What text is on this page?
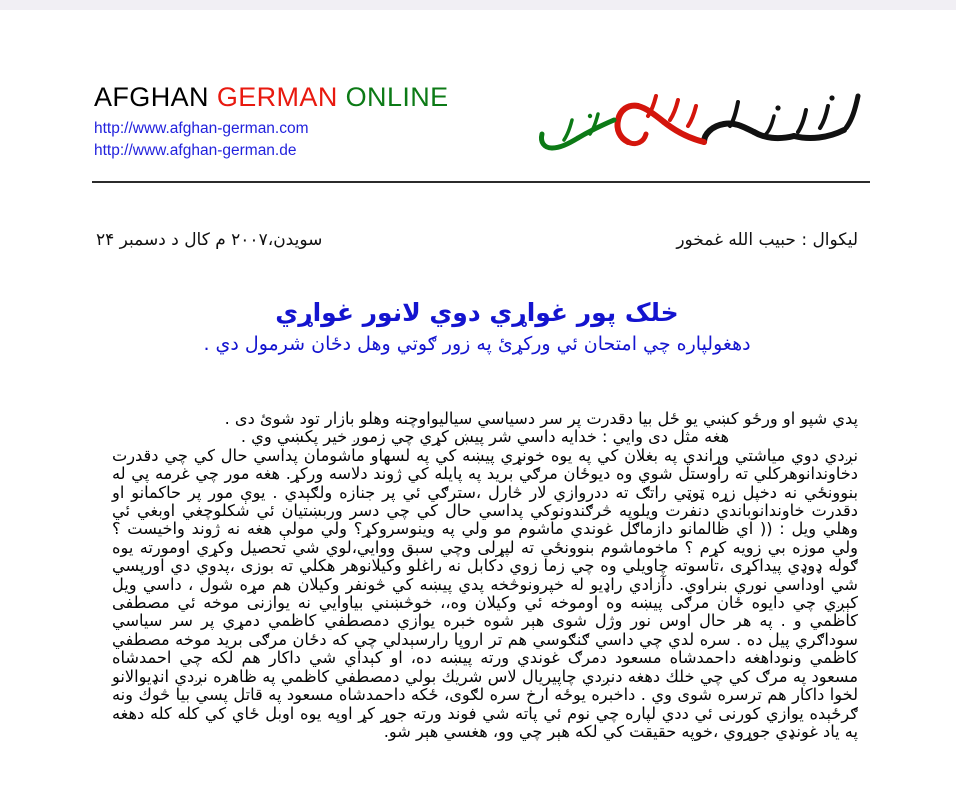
AFGHAN GERMAN ONLINE
http://www.afghan-german.com
http://www.afghan-german.de
لیکوال : حبیب الله غمخور
سویدن،۲۰۰۷ م کال د دسمبر ۲۴
خلک پور غواړي دوي لانور غواړي
دهغولپاره چي امتحان ئي وركړئ په زور ګوتي وهل دځان شرمول دي .

پدي شپو او ورځو كښي يو ځل بيا دقدرت پر سر دسياسي سياليواوچنه وهلو بازار تود شوئ دى .

هغه مثل دى وايي : خدايه داسي شر پيښ كړي چي زموږ خير پكښي وي .

نږدي دوي مياشتي وړاندي په بغلان كي په يوه خونړي پيښه كي په لسهاو ماشومان پداسي حال كي چي دقدرت دخاوندانوهركلي ته راوستل شوي وه ديوځان مرګي بريد په پايله كي ژوند دلاسه وركړ. هغه مور چي غرمه پي له بنوونځي نه دخپل زړه ټوټي راتګ ته ددروازي لار څارل ،سترګي ئي پر جنازه ولګېدي . يوې مور پر حاكمانو او دقدرت خاوندانوباندي دنفرت ويلوپه څرګندونوكي پداسي حال كي چي دسر وربښتيان ئي شكلوچغي اوبغي ئي وهلي ويل : (( اي ظالمانو دازماګل غوندي ماشوم مو ولي په وينوسروكړ؟ ولي مولې هغه نه ژوند واخيست ؟ ولي موزه بي زويه كړم ؟ ماخوماشوم بنوونځي ته لپړلى وچي سبق ووايي،لوي شي تحصيل وكړي اومورته يوه ګوله ډوډي پيداكړى ،تاسوته چاويلي وه چي زما زوي دكابل نه راغلو وكيلانوهر هكلي ته بوزى ،پدوي دي اورپسي شي اوداسي نوري بنراوي. دآزادي راډيو له خپرونوڅخه پدي پيښه كي څونفر وكيلان هم مړه شول ، داسي ويل كېږي چي دايوه ځان مرګى پيښه وه اوموخه ئي وكيلان وه،، خوڅښني بياوايي نه يوازنى موخه ئي مصطفى كاظمي و . په هر حال اوس نور وژل شوى هېر شوه خبره يوازي دمصطفي كاظمي دمړي پر سر سياسي سوداګري پيل ده . سره لدي چي داسي ګنګوسي هم تر اروپا رارسېدلي چي كه دځان مرګى بريد موخه مصطفي كاظمي ونوداهغه داحمدشاه مسعود دمرګ غوندي ورته پيښه ده، او كېداي شي داكار هم لكه چي احمدشاه مسعود په مرګ كي چي خلك دهغه دنږدي چاپيريال لاس شريك بولي دمصطفي كاظمي په ظاهره نږدي انډيوالانو لخوا داكار هم ترسره شوى وي . داخبره يوځه ارخ سره لګوى، ځكه داحمدشاه مسعود په قاتل پسي بيا څوك ونه ګرځېده يوازي كورنى ئي ددي لپاره چي نوم ئي پاته شي فوند ورته جوړ كړ اوپه يوه اوبل ځاي كي كله كله دهغه په ياد غونډي جوړوي ،خوپه حقيقت كي لكه هېر چي وو، هغسي هېر شو.
